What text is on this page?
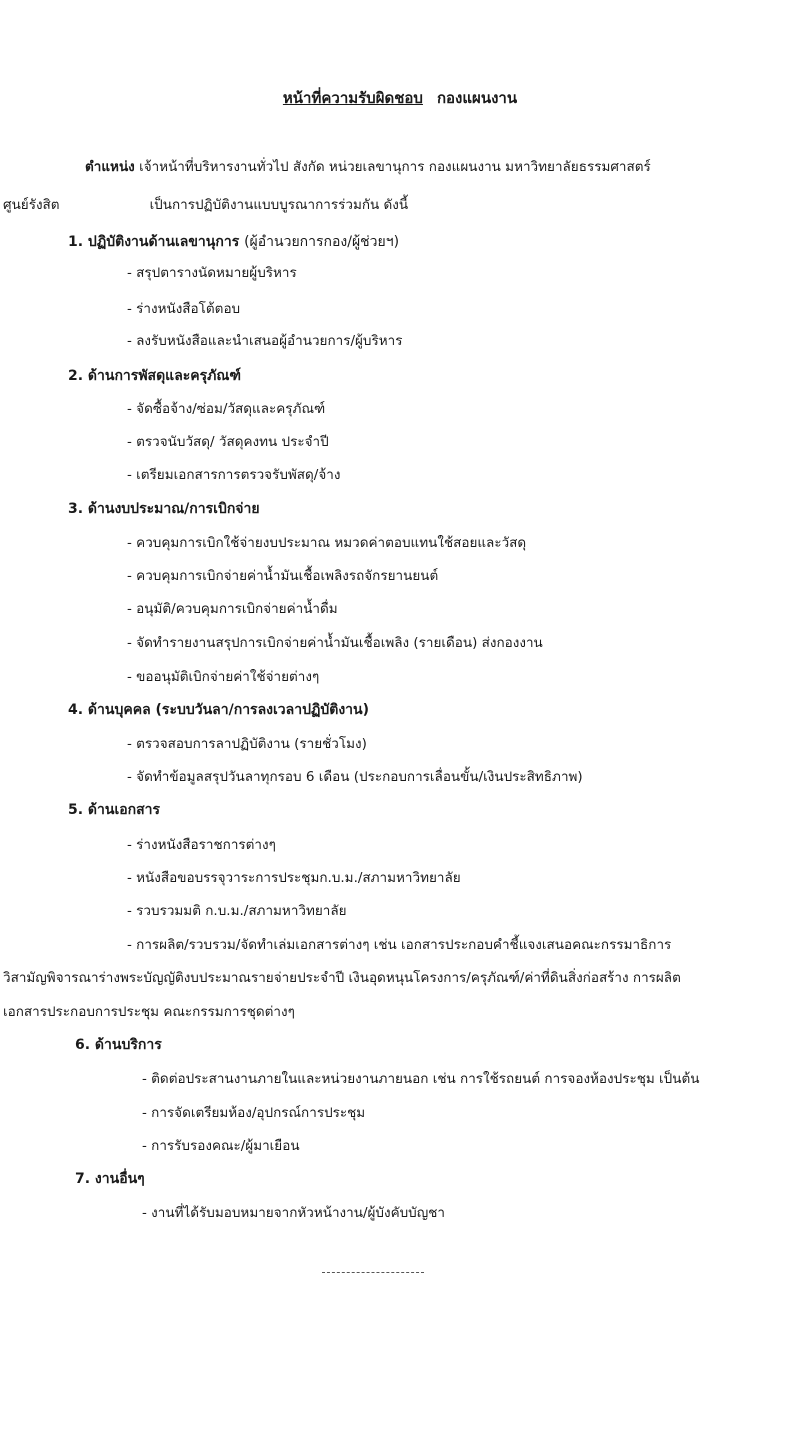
หน้าที่ความรับผิดชอบ กองแผนงาน
ตำแหน่ง เจ้าหน้าที่บริหารงานทั่วไป สังกัด หน่วยเลขานุการ กองแผนงาน มหาวิทยาลัยธรรมศาสตร์
ศูนย์รังสิต	เป็นการปฏิบัติงานแบบบูรณาการร่วมกัน ดังนี้
1. ปฏิบัติงานด้านเลขานุการ (ผู้อำนวยการกอง/ผู้ช่วยฯ)
- สรุปตารางนัดหมายผู้บริหาร
- ร่างหนังสือโต้ตอบ
- ลงรับหนังสือและนำเสนอผู้อำนวยการ/ผู้บริหาร
2. ด้านการพัสดุและครุภัณฑ์
- จัดซื้อจ้าง/ซ่อม/วัสดุและครุภัณฑ์
- ตรวจนับวัสดุ/ วัสดุคงทน ประจำปี
- เตรียมเอกสารการตรวจรับพัสดุ/จ้าง
3. ด้านงบประมาณ/การเบิกจ่าย
- ควบคุมการเบิกใช้จ่ายงบประมาณ หมวดค่าตอบแทนใช้สอยและวัสดุ
- ควบคุมการเบิกจ่ายค่าน้ำมันเชื้อเพลิงรถจักรยานยนต์
- อนุมัติ/ควบคุมการเบิกจ่ายค่าน้ำดื่ม
- จัดทำรายงานสรุปการเบิกจ่ายค่าน้ำมันเชื้อเพลิง (รายเดือน) ส่งกองงาน
- ขออนุมัติเบิกจ่ายค่าใช้จ่ายต่างๆ
4. ด้านบุคคล (ระบบวันลา/การลงเวลาปฏิบัติงาน)
- ตรวจสอบการลาปฏิบัติงาน (รายชั่วโมง)
- จัดทำข้อมูลสรุปวันลาทุกรอบ 6 เดือน (ประกอบการเลื่อนขั้น/เงินประสิทธิภาพ)
5. ด้านเอกสาร
- ร่างหนังสือราชการต่างๆ
- หนังสือขอบรรจุวาระการประชุมก.บ.ม./สภามหาวิทยาลัย
- รวบรวมมติ ก.บ.ม./สภามหาวิทยาลัย
- การผลิต/รวบรวม/จัดทำเล่มเอกสารต่างๆ เช่น เอกสารประกอบคำชี้แจงเสนอคณะกรรมาธิการ
วิสามัญพิจารณาร่างพระบัญญัติงบประมาณรายจ่ายประจำปี เงินอุดหนุนโครงการ/ครุภัณฑ์/ค่าที่ดินสิ่งก่อสร้าง การผลิต
เอกสารประกอบการประชุม คณะกรรมการชุดต่างๆ
6. ด้านบริการ
- ติดต่อประสานงานภายในและหน่วยงานภายนอก เช่น การใช้รถยนต์ การจองห้องประชุม เป็นต้น
- การจัดเตรียมห้อง/อุปกรณ์การประชุม
- การรับรองคณะ/ผู้มาเยือน
7. งานอื่นๆ
- งานที่ได้รับมอบหมายจากหัวหน้างาน/ผู้บังคับบัญชา
